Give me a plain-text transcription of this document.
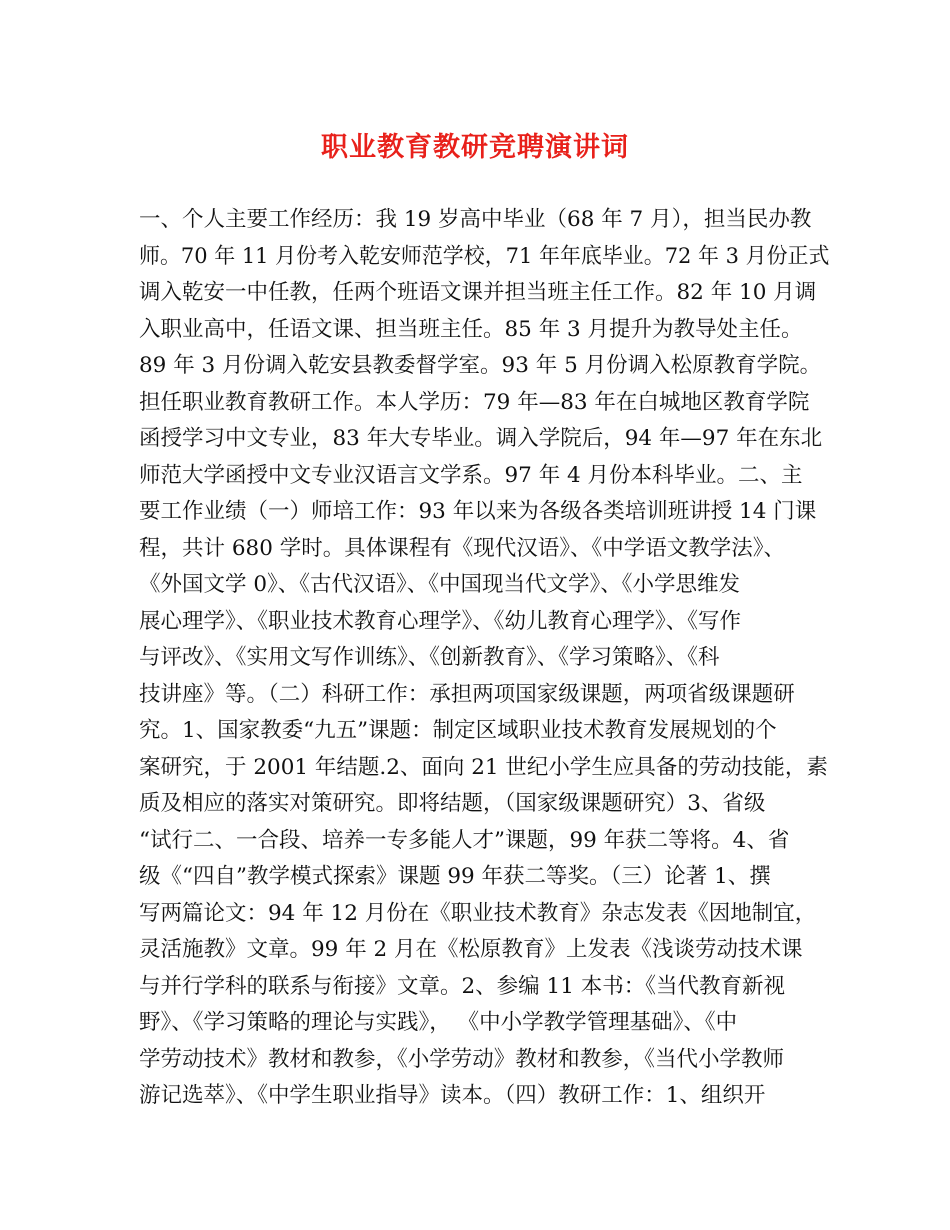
职业教育教研竞聘演讲词
一、个人主要工作经历：我 19 岁高中毕业（68 年 7 月），担当民办教
师。70 年 11 月份考入乾安师范学校，71 年年底毕业。72 年 3 月份正式
调入乾安一中任教，任两个班语文课并担当班主任工作。82 年 10 月调
入职业高中，任语文课、担当班主任。85 年 3 月提升为教导处主任。
89 年 3 月份调入乾安县教委督学室。93 年 5 月份调入松原教育学院。
担任职业教育教研工作。本人学历：79 年—83 年在白城地区教育学院
函授学习中文专业，83 年大专毕业。调入学院后，94 年—97 年在东北
师范大学函授中文专业汉语言文学系。97 年 4 月份本科毕业。二、主
要工作业绩（一）师培工作：93 年以来为各级各类培训班讲授 14 门课
程，共计 680 学时。具体课程有《现代汉语》、《中学语文教学法》、
《外国文学 0》、《古代汉语》、《中国现当代文学》、《小学思维发
展心理学》、《职业技术教育心理学》、《幼儿教育心理学》、《写作
与评改》、《实用文写作训练》、《创新教育》、《学习策略》、《科
技讲座》等。（二）科研工作：承担两项国家级课题，两项省级课题研
究。1、国家教委“九五”课题：制定区域职业技术教育发展规划的个
案研究，于 2001 年结题.2、面向 21 世纪小学生应具备的劳动技能，素
质及相应的落实对策研究。即将结题，（国家级课题研究）3、省级
“试行二、一合段、培养一专多能人才”课题，99 年获二等将。4、省
级《“四自”教学模式探索》课题 99 年获二等奖。（三）论著 1、撰
写两篇论文：94 年 12 月份在《职业技术教育》杂志发表《因地制宜，
灵活施教》文章。99 年 2 月在《松原教育》上发表《浅谈劳动技术课
与并行学科的联系与衔接》文章。2、参编 11 本书：《当代教育新视
野》、《学习策略的理论与实践》， 《中小学教学管理基础》、《中
学劳动技术》教材和教参，《小学劳动》教材和教参，《当代小学教师
游记选萃》、《中学生职业指导》读本。（四）教研工作：1、组织开
